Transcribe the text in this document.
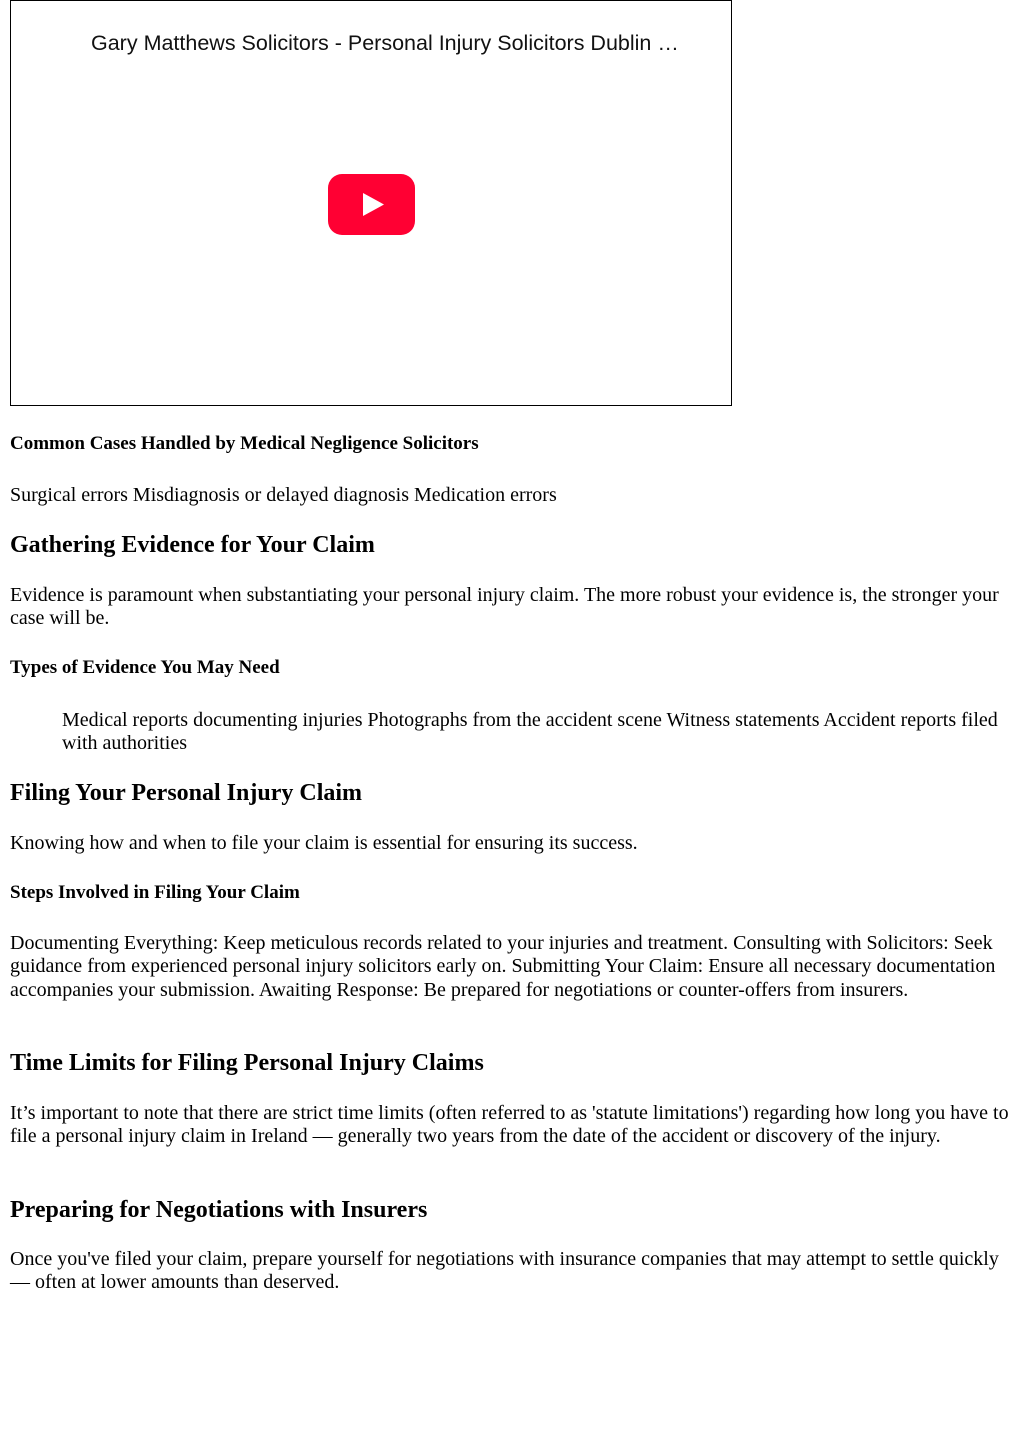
Gary Matthews Solicitors - Personal Injury Solicitors Dublin …

Common Cases Handled by Medical Negligence Solicitors

Surgical errors Misdiagnosis or delayed diagnosis Medication errors

Gathering Evidence for Your Claim

Evidence is paramount when substantiating your personal injury claim. The more robust your evidence is, the stronger your case will be.

Types of Evidence You May Need

Medical reports documenting injuries Photographs from the accident scene Witness statements Accident reports filed with authorities

Filing Your Personal Injury Claim

Knowing how and when to file your claim is essential for ensuring its success.

Steps Involved in Filing Your Claim

Documenting Everything: Keep meticulous records related to your injuries and treatment. Consulting with Solicitors: Seek guidance from experienced personal injury solicitors early on. Submitting Your Claim: Ensure all necessary documentation accompanies your submission. Awaiting Response: Be prepared for negotiations or counter-offers from insurers.

Time Limits for Filing Personal Injury Claims

It’s important to note that there are strict time limits (often referred to as 'statute limitations') regarding how long you have to file a personal injury claim in Ireland — generally two years from the date of the accident or discovery of the injury.

Preparing for Negotiations with Insurers

Once you've filed your claim, prepare yourself for negotiations with insurance companies that may attempt to settle quickly — often at lower amounts than deserved.
